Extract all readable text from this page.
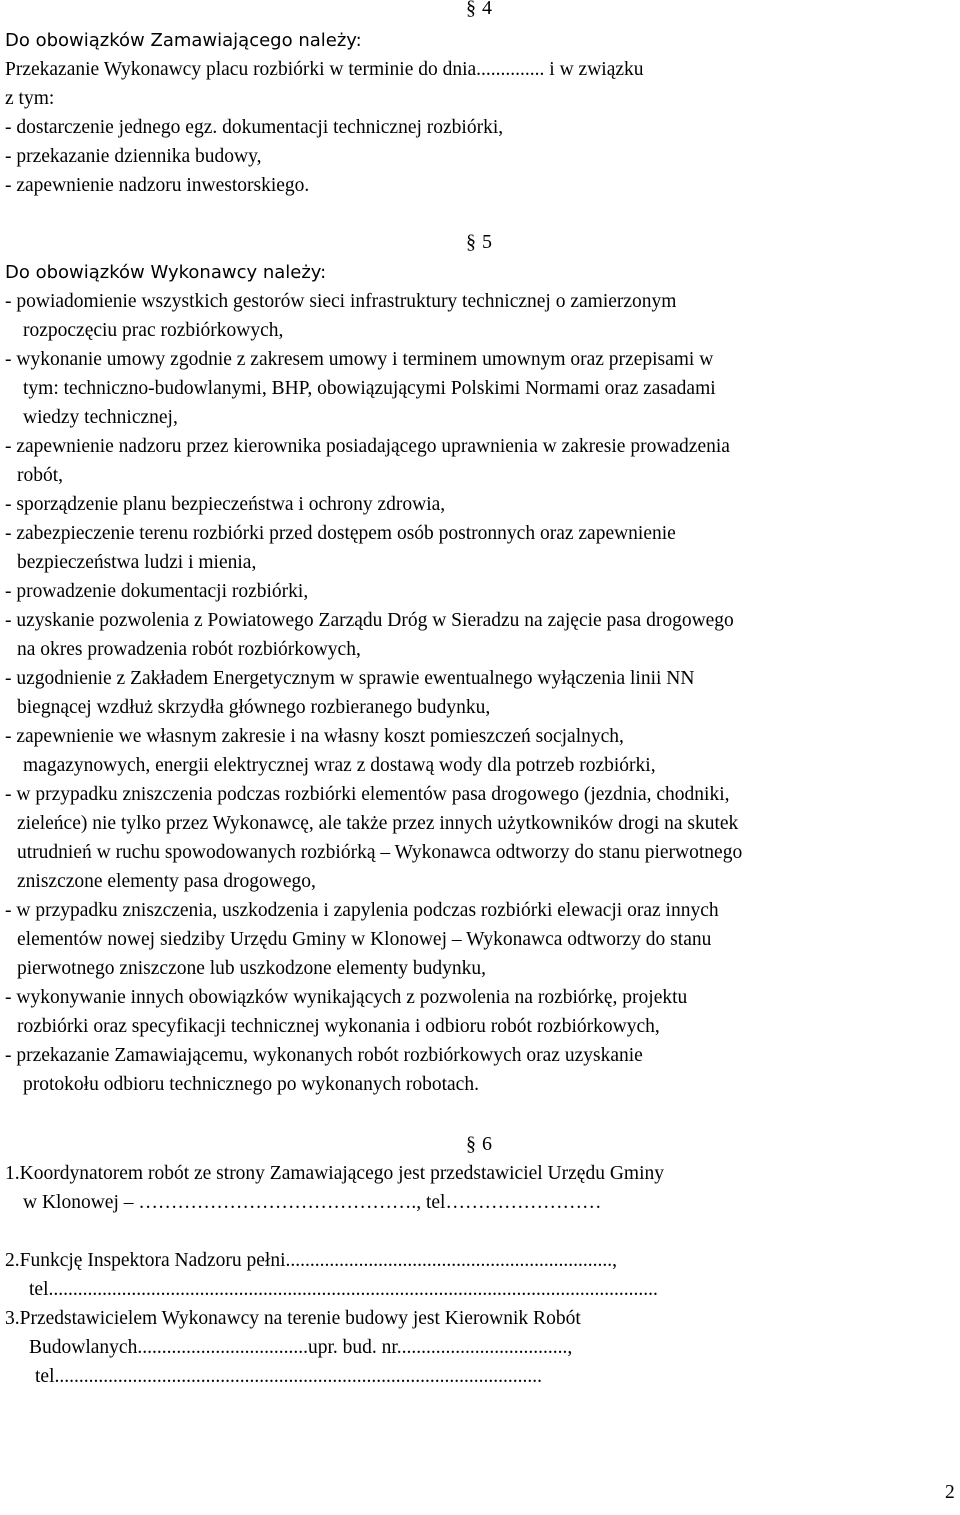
§ 4
Do obowiązków Zamawiającego należy:
Przekazanie Wykonawcy placu rozbiórki w terminie do dnia.............. i w związku
z tym:
- dostarczenie jednego egz. dokumentacji technicznej rozbiórki,
- przekazanie dziennika budowy,
- zapewnienie nadzoru inwestorskiego.
§ 5
Do obowiązków Wykonawcy należy:
- powiadomienie wszystkich gestorów sieci infrastruktury technicznej o zamierzonym
rozpoczęciu prac rozbiórkowych,
- wykonanie umowy zgodnie z zakresem umowy i terminem umownym oraz przepisami w
tym: techniczno-budowlanymi, BHP, obowiązującymi Polskimi Normami oraz zasadami
wiedzy technicznej,
- zapewnienie nadzoru przez kierownika posiadającego uprawnienia w zakresie prowadzenia
robót,
- sporządzenie planu bezpieczeństwa i ochrony zdrowia,
- zabezpieczenie terenu rozbiórki przed dostępem osób postronnych oraz zapewnienie
bezpieczeństwa ludzi i mienia,
- prowadzenie dokumentacji rozbiórki,
- uzyskanie pozwolenia z Powiatowego Zarządu Dróg w Sieradzu na zajęcie pasa drogowego
na okres prowadzenia robót rozbiórkowych,
- uzgodnienie z Zakładem Energetycznym w sprawie ewentualnego wyłączenia linii NN
biegnącej wzdłuż skrzydła głównego rozbieranego budynku,
- zapewnienie we własnym zakresie i na własny koszt pomieszczeń socjalnych,
magazynowych, energii elektrycznej wraz z dostawą wody dla potrzeb rozbiórki,
- w przypadku zniszczenia podczas rozbiórki elementów pasa drogowego (jezdnia, chodniki,
zieleńce) nie tylko przez Wykonawcę, ale także przez innych użytkowników drogi na skutek
utrudnień w ruchu spowodowanych rozbiórką – Wykonawca odtworzy do stanu pierwotnego
zniszczone elementy pasa drogowego,
- w przypadku zniszczenia, uszkodzenia i zapylenia podczas rozbiórki elewacji oraz innych
elementów nowej siedziby Urzędu Gminy w Klonowej – Wykonawca odtworzy do stanu
pierwotnego zniszczone lub uszkodzone elementy budynku,
- wykonywanie innych obowiązków wynikających z pozwolenia na rozbiórkę, projektu
rozbiórki oraz specyfikacji technicznej wykonania i odbioru robót rozbiórkowych,
- przekazanie Zamawiającemu, wykonanych robót rozbiórkowych oraz uzyskanie
protokołu odbioru technicznego po wykonanych robotach.
§ 6
1.Koordynatorem robót ze strony Zamawiającego jest przedstawiciel Urzędu Gminy
w Klonowej – ……………………………………., tel……………………
2.Funkcję Inspektora Nadzoru pełni...................................................................,
tel.............................................................................................................................
3.Przedstawicielem Wykonawcy na terenie budowy jest Kierownik Robót
Budowlanych...................................upr. bud. nr...................................,
tel....................................................................................................
2
